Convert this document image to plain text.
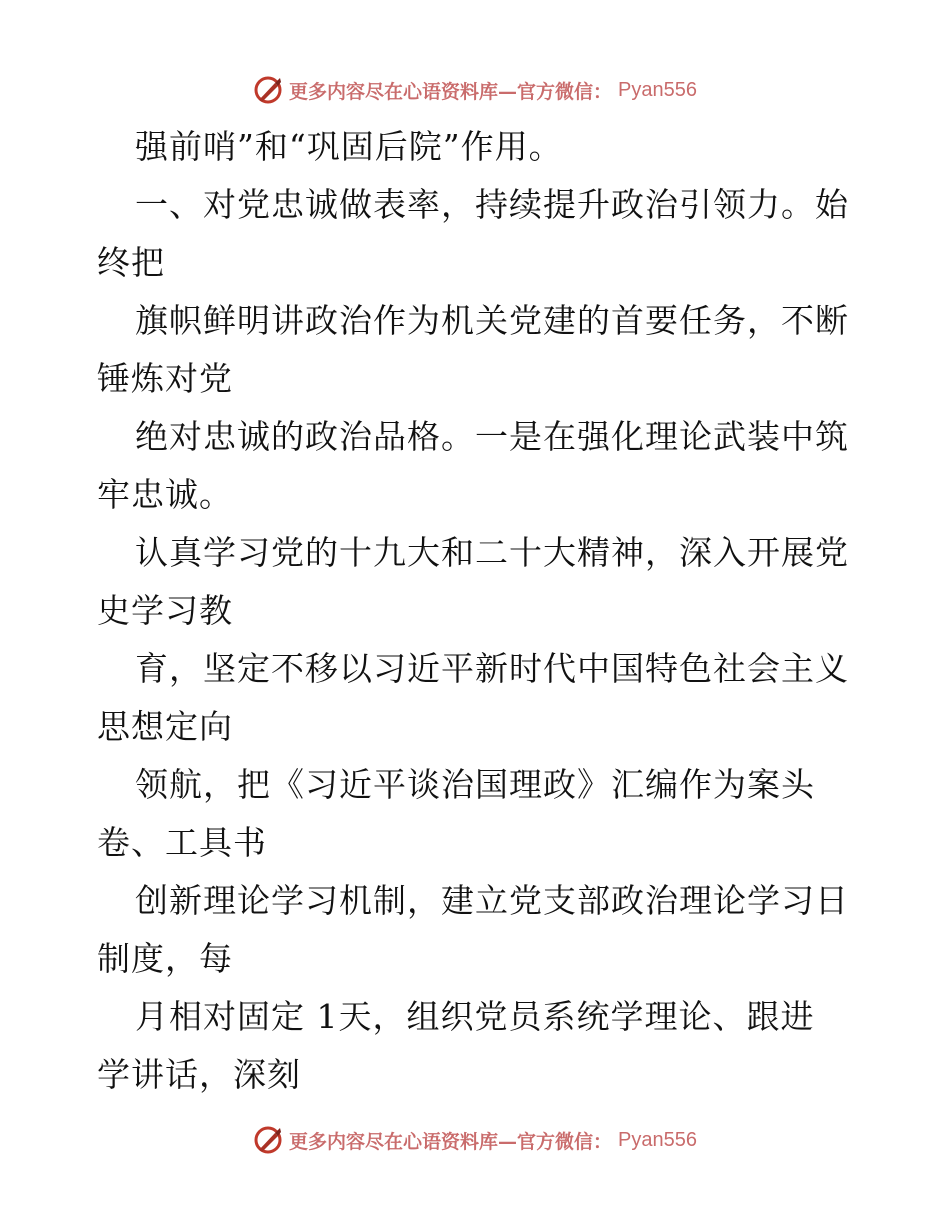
更多内容尽在心语资料库—官方微信： Pyan556
强前哨”和“巩固后院”作用。
一、对党忠诚做表率，持续提升政治引领力。始
终把
旗帜鲜明讲政治作为机关党建的首要任务，不断
锤炼对党
绝对忠诚的政治品格。一是在强化理论武装中筑
牢忠诚。
认真学习党的十九大和二十大精神，深入开展党
史学习教
育，坚定不移以习近平新时代中国特色社会主义
思想定向
领航，把《习近平谈治国理政》汇编作为案头
卷、工具书
创新理论学习机制，建立党支部政治理论学习日
制度，每
月相对固定 1天，组织党员系统学理论、跟进
学讲话，深刻
更多内容尽在心语资料库—官方微信： Pyan556
